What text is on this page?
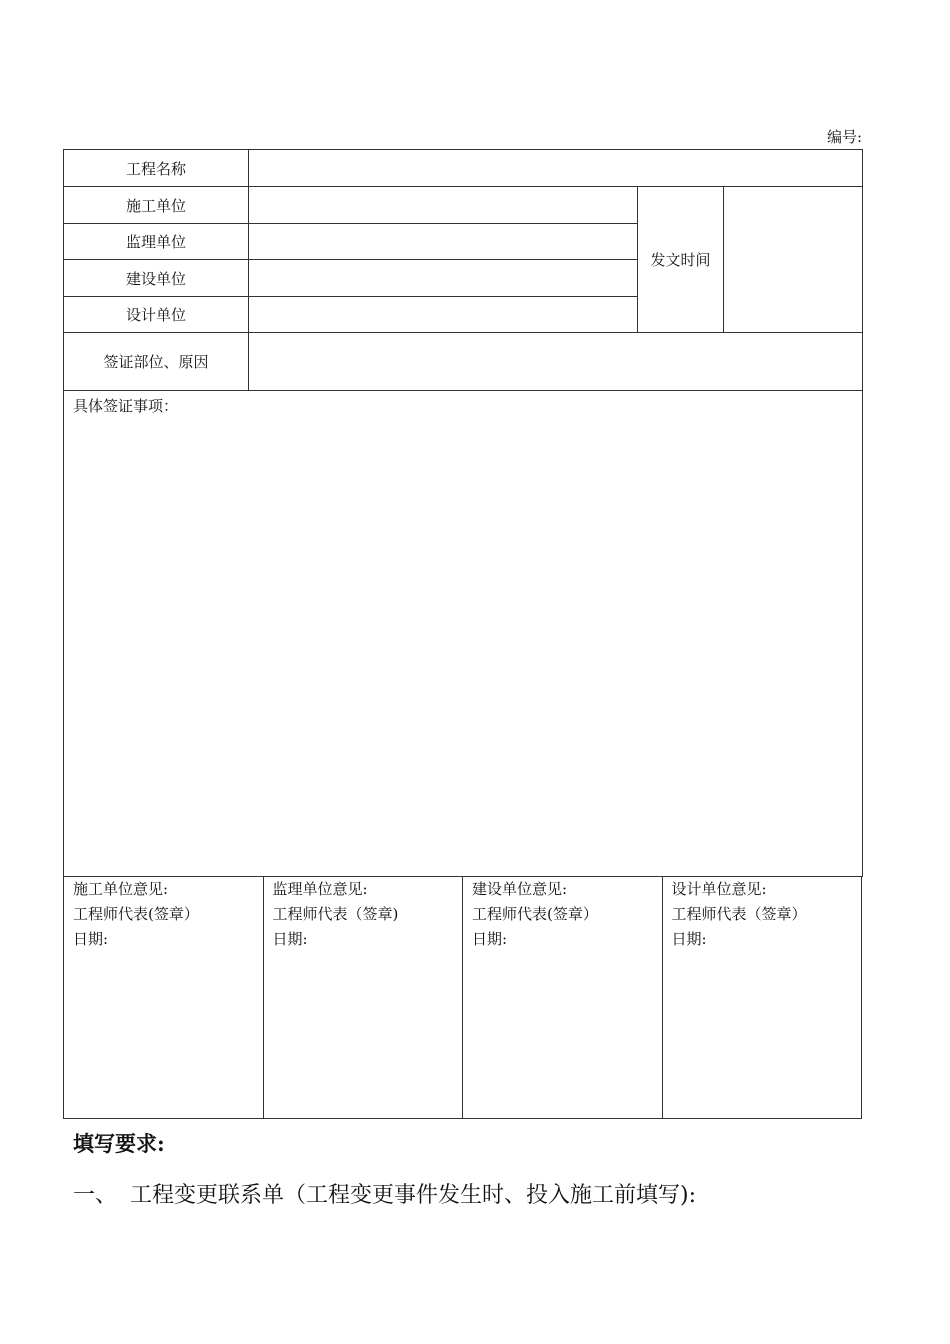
编号:
工程名称			
施工单位		发文时间	
监理单位			
建设单位			
设计单位			
签证部位、原因			
具体签证事项：			
施工单位意见:
工程师代表(签章）
日期:

监理单位意见:
工程师代表（签章)
日期:

建设单位意见:
工程师代表(签章）
日期:

设计单位意见:
工程师代表（签章）
日期:
填写要求:
一、 工程变更联系单（工程变更事件发生时、投入施工前填写):
